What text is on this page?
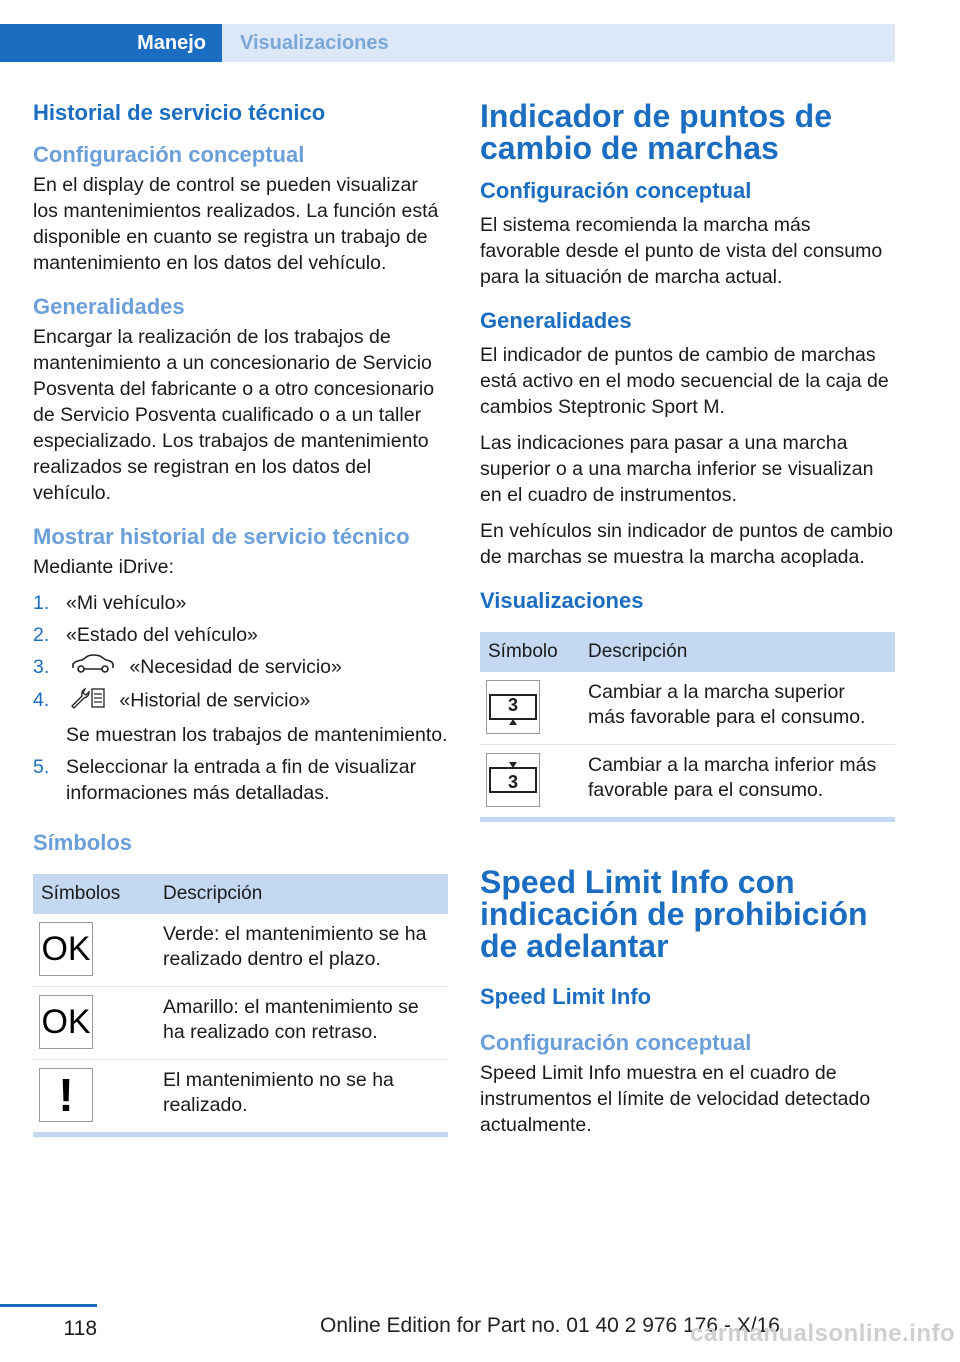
Manejo	Visualizaciones
Historial de servicio técnico
Configuración conceptual
En el display de control se pueden visualizar los mantenimientos realizados. La función está disponible en cuanto se registra un trabajo de mantenimiento en los datos del vehículo.
Generalidades
Encargar la realización de los trabajos de mantenimiento a un concesionario de Servicio Posventa del fabricante o a otro concesionario de Servicio Posventa cualificado o a un taller especializado. Los trabajos de mantenimiento realizados se registran en los datos del vehículo.
Mostrar historial de servicio técnico
Mediante iDrive:
1. «Mi vehículo»
2. «Estado del vehículo»
3.	«Necesidad de servicio»
4.	«Historial de servicio»
Se muestran los trabajos de mantenimiento.
5. Seleccionar la entrada a fin de visualizar informaciones más detalladas.
Símbolos
Símbolos	Descripción

OK	Verde: el mantenimiento se ha realizado dentro el plazo.

OK	Amarillo: el mantenimiento se ha realizado con retraso.

!	El mantenimiento no se ha realizado.
Indicador de puntos de cambio de marchas
Configuración conceptual
El sistema recomienda la marcha más favorable desde el punto de vista del consumo para la situación de marcha actual.
Generalidades
El indicador de puntos de cambio de marchas está activo en el modo secuencial de la caja de cambios Steptronic Sport M.
Las indicaciones para pasar a una marcha superior o a una marcha inferior se visualizan en el cuadro de instrumentos.
En vehículos sin indicador de puntos de cambio de marchas se muestra la marcha acoplada.
Visualizaciones
Símbolo	Descripción

3	Cambiar a la marcha superior más favorable para el consumo.

3	Cambiar a la marcha inferior más favorable para el consumo.
Speed Limit Info con indicación de prohibición de adelantar
Speed Limit Info
Configuración conceptual
Speed Limit Info muestra en el cuadro de instrumentos el límite de velocidad detectado actualmente.
118	Online Edition for Part no. 01 40 2 976 176 - X/16
carmanualsonline.info
